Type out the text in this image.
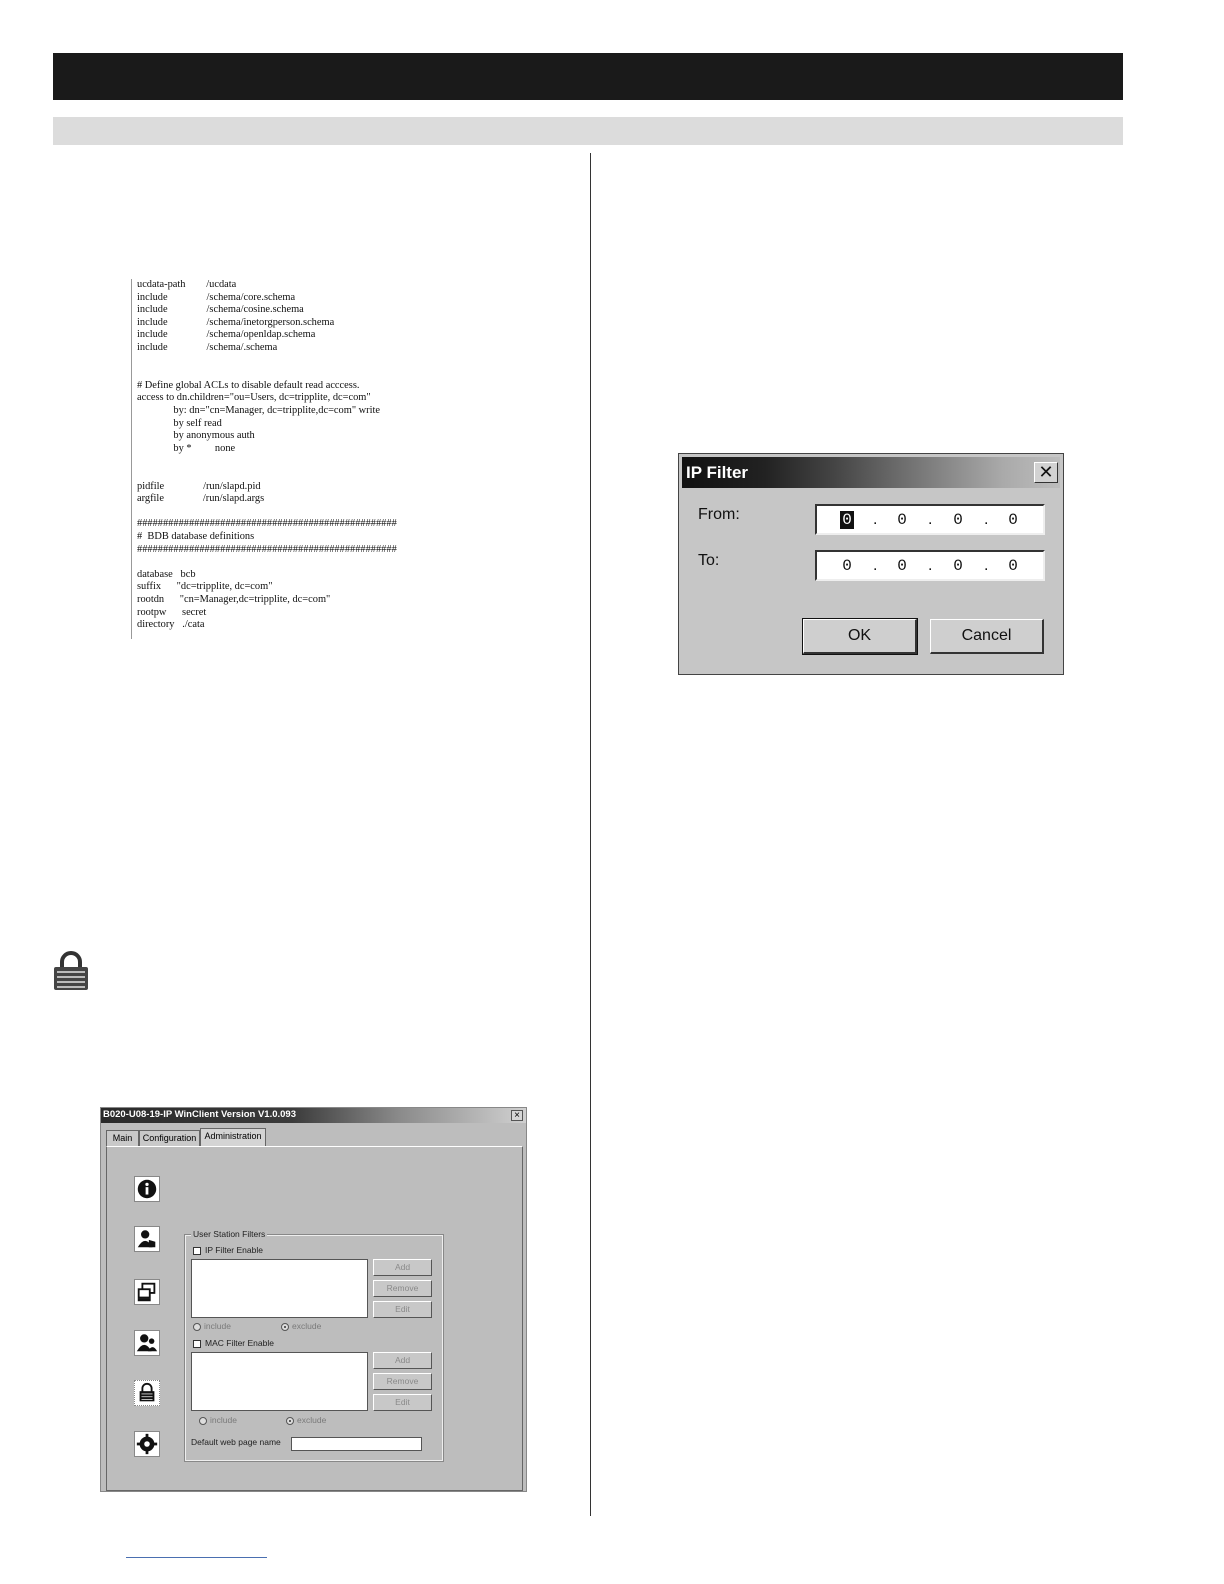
ucdata-path        /ucdata
include               /schema/core.schema
include               /schema/cosine.schema
include               /schema/inetorgperson.schema
include               /schema/openldap.schema
include               /schema/.schema
# Define global ACLs to disable default read acccess.
access to dn.children="ou=Users, dc=tripplite, dc=com"
by: dn="cn=Manager, dc=tripplite,dc=com" write
by self read
by anonymous auth
by *         none
pidfile               /run/slapd.pid
argfile               /run/slapd.args
##################################################
#  BDB database definitions
##################################################
database   bcb
suffix      "dc=tripplite, dc=com"
rootdn      "cn=Manager,dc=tripplite, dc=com"
rootpw      secret
directory   ./cata
B020-U08-19-IP WinClient Version V1.0.093	×
Main	Configuration Administration
User Station Filters
IP Filter Enable
Add
Remove
Edit
include	exclude
MAC Filter Enable
Add
Remove
Edit
include	exclude
Default web page name
IP Filter	✕
From:	0 . 0 . 0 . 0
To:	0 . 0 . 0 . 0
OK	Cancel
